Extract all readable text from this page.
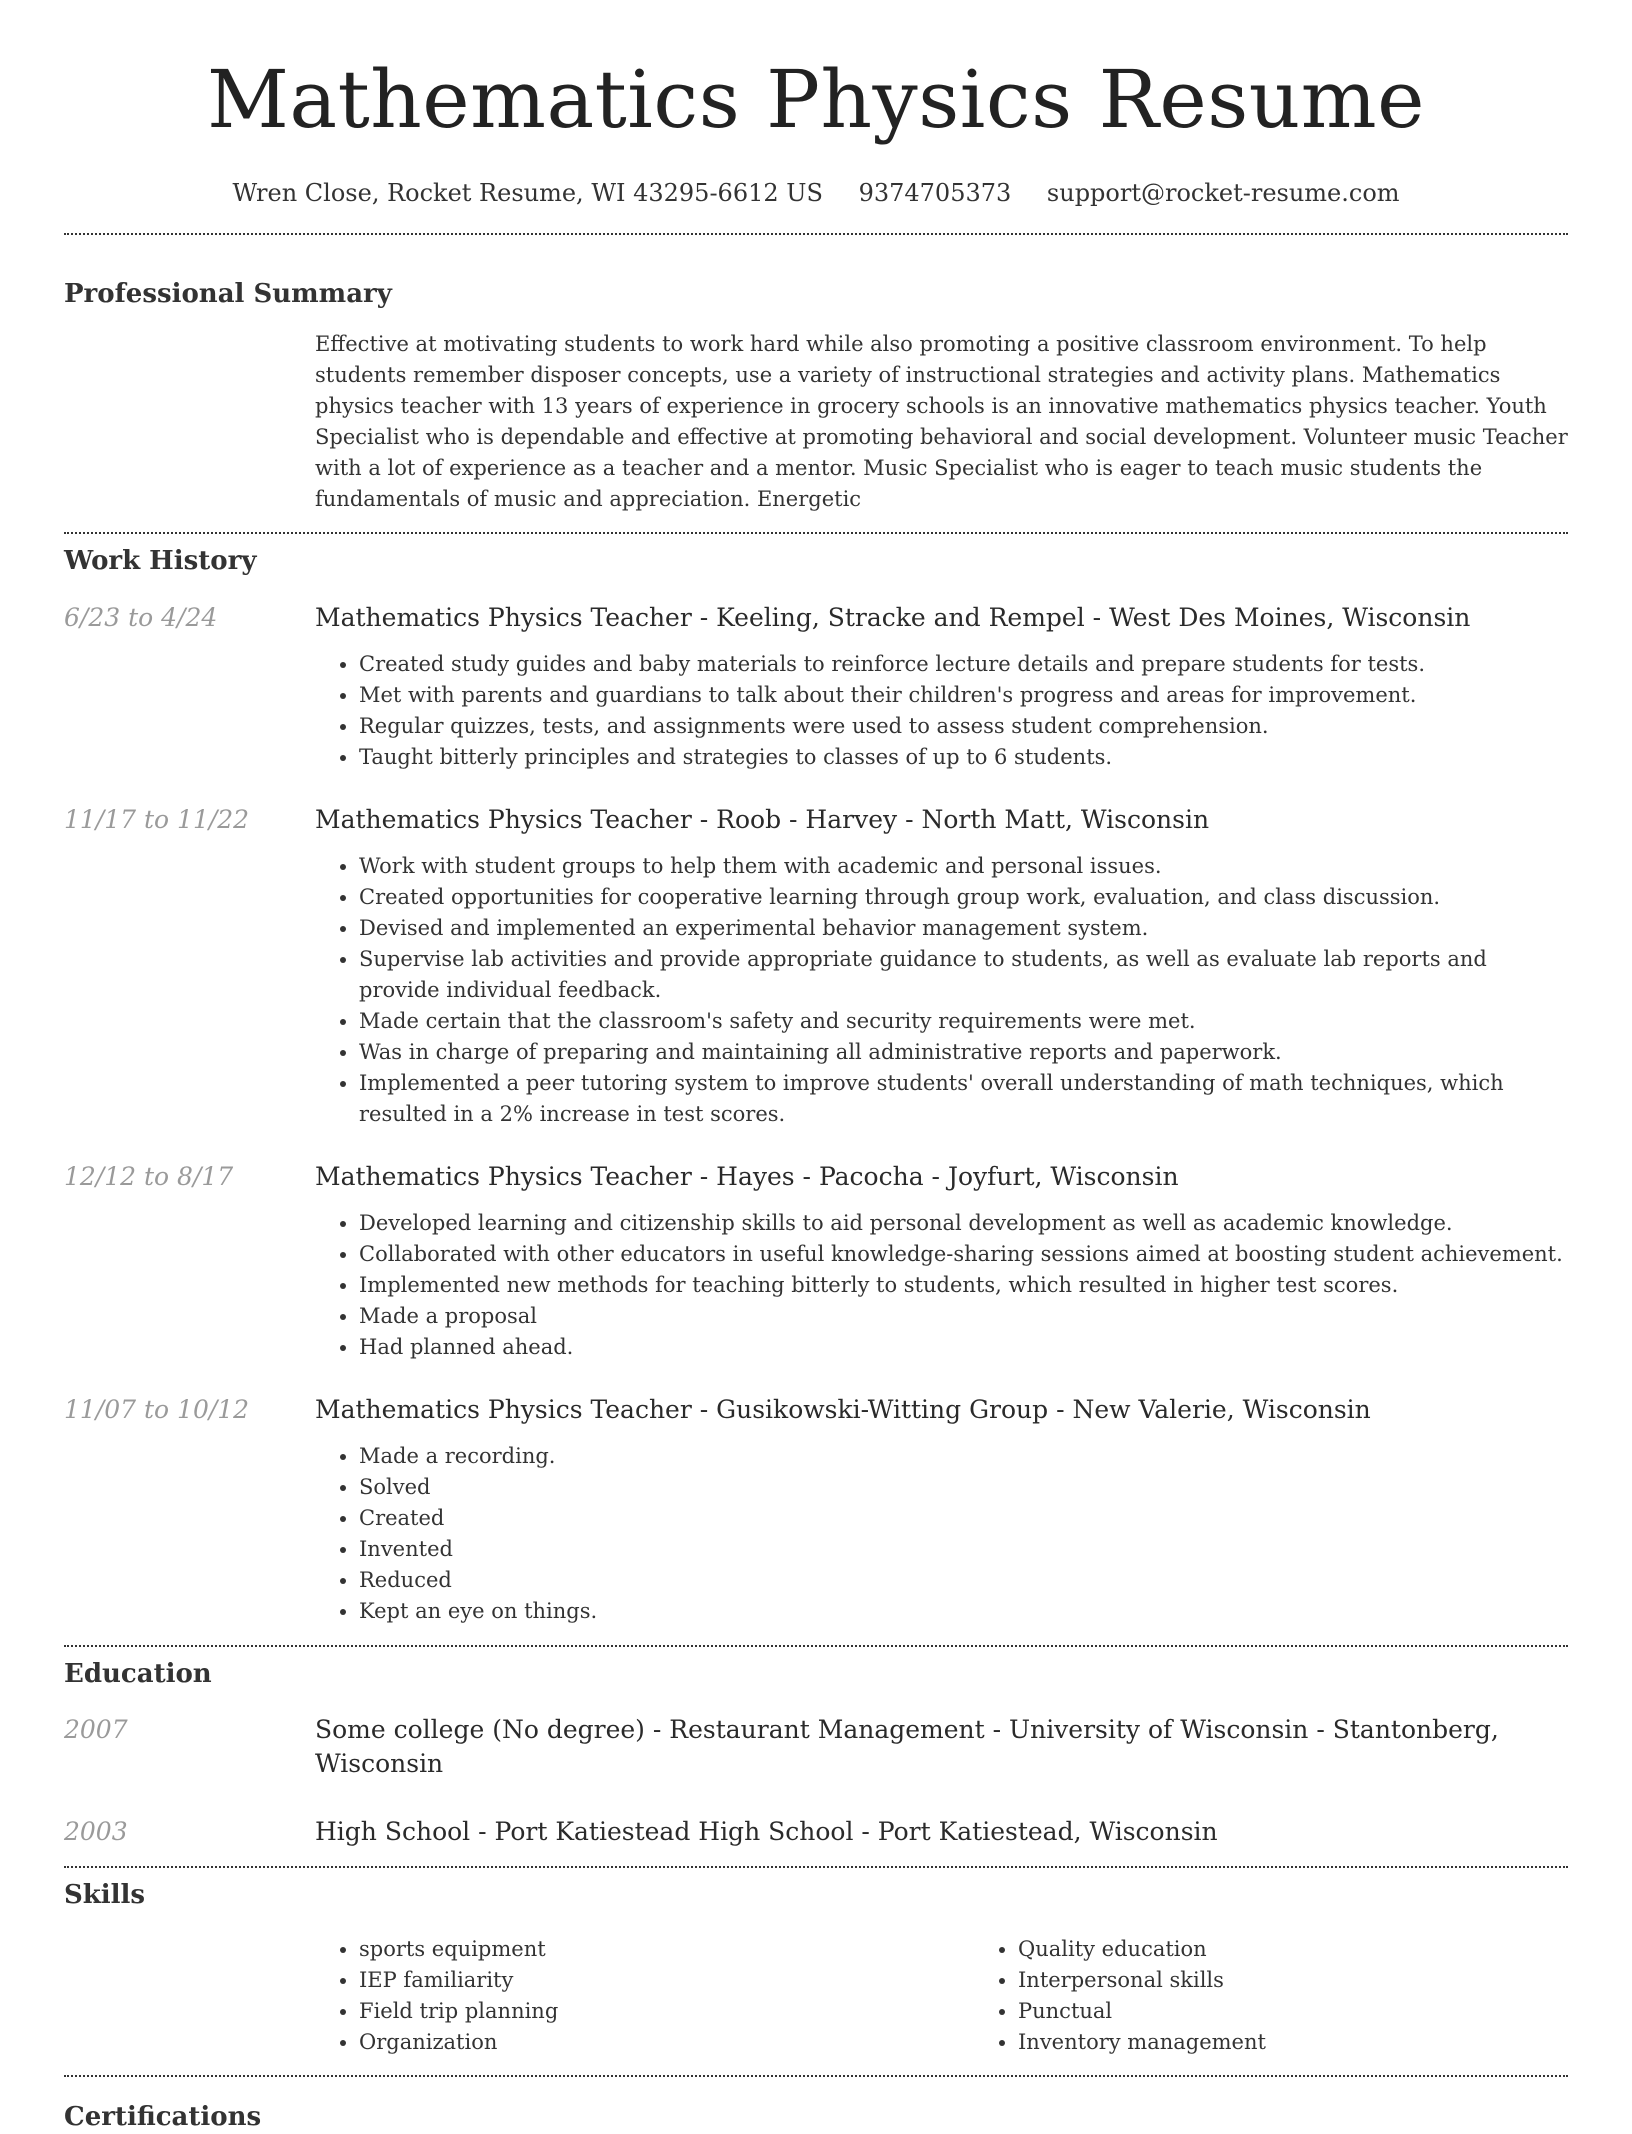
Mathematics Physics Resume
Wren Close, Rocket Resume, WI 43295-6612 US 9374705373 support@rocket-resume.com
Professional Summary

Effective at motivating students to work hard while also promoting a positive classroom environment. To help students remember disposer concepts, use a variety of instructional strategies and activity plans. Mathematics physics teacher with 13 years of experience in grocery schools is an innovative mathematics physics teacher. Youth Specialist who is dependable and effective at promoting behavioral and social development. Volunteer music Teacher with a lot of experience as a teacher and a mentor. Music Specialist who is eager to teach music students the fundamentals of music and appreciation. Energetic

Work History
6/23 to 4/24	Mathematics Physics Teacher - Keeling, Stracke and Rempel - West Des Moines, Wisconsin

• Created study guides and baby materials to reinforce lecture details and prepare students for tests.
• Met with parents and guardians to talk about their children's progress and areas for improvement.
• Regular quizzes, tests, and assignments were used to assess student comprehension.
• Taught bitterly principles and strategies to classes of up to 6 students.
11/17 to 11/22	Mathematics Physics Teacher - Roob - Harvey - North Matt, Wisconsin

• Work with student groups to help them with academic and personal issues.
• Created opportunities for cooperative learning through group work, evaluation, and class discussion.
• Devised and implemented an experimental behavior management system.
• Supervise lab activities and provide appropriate guidance to students, as well as evaluate lab reports and provide individual feedback.
• Made certain that the classroom's safety and security requirements were met.
• Was in charge of preparing and maintaining all administrative reports and paperwork.
• Implemented a peer tutoring system to improve students' overall understanding of math techniques, which resulted in a 2% increase in test scores.
12/12 to 8/17	Mathematics Physics Teacher - Hayes - Pacocha - Joyfurt, Wisconsin

• Developed learning and citizenship skills to aid personal development as well as academic knowledge.
• Collaborated with other educators in useful knowledge-sharing sessions aimed at boosting student achievement.
• Implemented new methods for teaching bitterly to students, which resulted in higher test scores.
• Made a proposal
• Had planned ahead.
11/07 to 10/12	Mathematics Physics Teacher - Gusikowski-Witting Group - New Valerie, Wisconsin

• Made a recording.
• Solved
• Created
• Invented
• Reduced
• Kept an eye on things.
Education
2007	Some college (No degree) - Restaurant Management - University of Wisconsin - Stantonberg, Wisconsin

2003	High School - Port Katiestead High School - Port Katiestead, Wisconsin

Skills
• sports equipment
• IEP familiarity
• Field trip planning
• Organization
• Quality education
• Interpersonal skills
• Punctual
• Inventory management
Certifications
